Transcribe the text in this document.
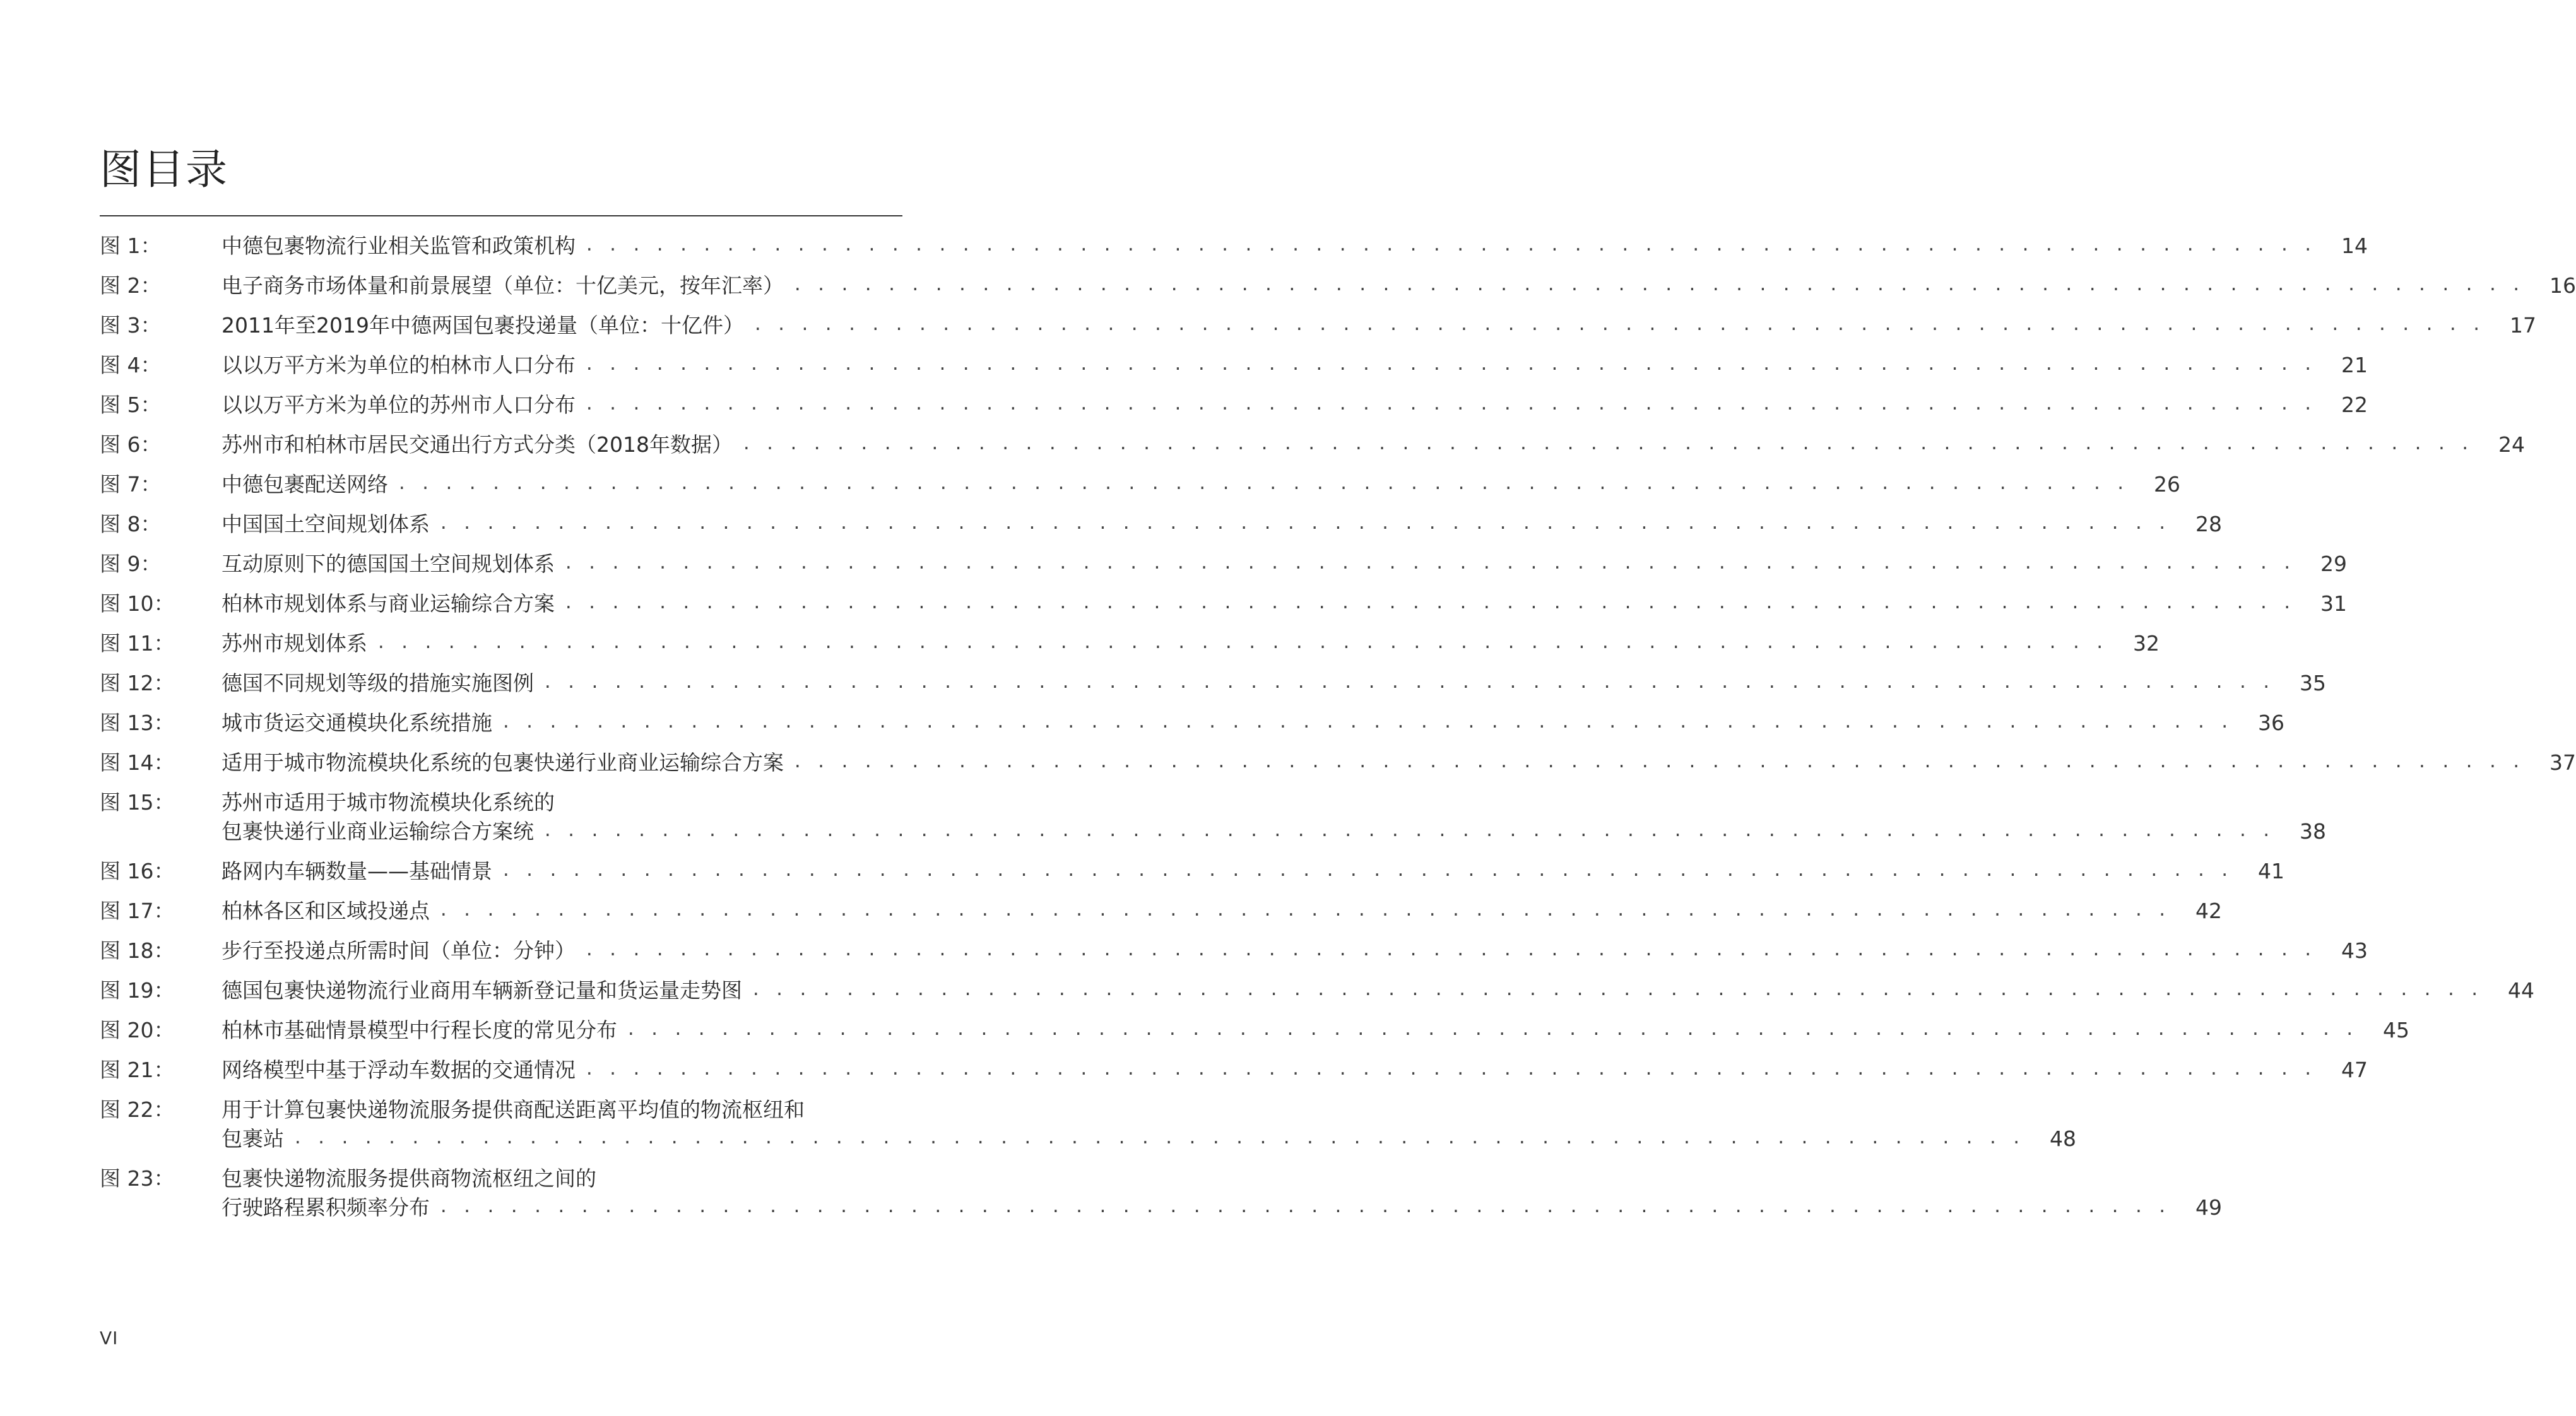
图目录
图 1：	中德包裹物流行业相关监管和政策机构 . . . . . . . . . . . . . . . . . . . . . . . . . . . . . . . . . . . . . . . . . . . . . . . . . . . . . . . . . . . . . . . . . . . . . . . . . . 14
图 2：	电子商务市场体量和前景展望（单位：十亿美元，按年汇率） . . . . . . . . . . . . . . . . . . . . . . . . . . . . . . . . . . . . . . . . . . . . . . . . . . . . . . . . . . . . . . . . . . . . . . . . . . 16
图 3：	2011年至2019年中德两国包裹投递量（单位：十亿件） . . . . . . . . . . . . . . . . . . . . . . . . . . . . . . . . . . . . . . . . . . . . . . . . . . . . . . . . . . . . . . . . . . . . . . . . . . 17
图 4：	以以万平方米为单位的柏林市人口分布 . . . . . . . . . . . . . . . . . . . . . . . . . . . . . . . . . . . . . . . . . . . . . . . . . . . . . . . . . . . . . . . . . . . . . . . . . . 21
图 5：	以以万平方米为单位的苏州市人口分布 . . . . . . . . . . . . . . . . . . . . . . . . . . . . . . . . . . . . . . . . . . . . . . . . . . . . . . . . . . . . . . . . . . . . . . . . . . 22
图 6：	苏州市和柏林市居民交通出行方式分类（2018年数据） . . . . . . . . . . . . . . . . . . . . . . . . . . . . . . . . . . . . . . . . . . . . . . . . . . . . . . . . . . . . . . . . . . . . . . . . . . 24
图 7：	中德包裹配送网络 . . . . . . . . . . . . . . . . . . . . . . . . . . . . . . . . . . . . . . . . . . . . . . . . . . . . . . . . . . . . . . . . . . . . . . . . . . 26
图 8：	中国国土空间规划体系 . . . . . . . . . . . . . . . . . . . . . . . . . . . . . . . . . . . . . . . . . . . . . . . . . . . . . . . . . . . . . . . . . . . . . . . . . . 28
图 9：	互动原则下的德国国土空间规划体系 . . . . . . . . . . . . . . . . . . . . . . . . . . . . . . . . . . . . . . . . . . . . . . . . . . . . . . . . . . . . . . . . . . . . . . . . . . 29
图 10： 柏林市规划体系与商业运输综合方案 . . . . . . . . . . . . . . . . . . . . . . . . . . . . . . . . . . . . . . . . . . . . . . . . . . . . . . . . . . . . . . . . . . . . . . . . . . 31
图 11： 苏州市规划体系 . . . . . . . . . . . . . . . . . . . . . . . . . . . . . . . . . . . . . . . . . . . . . . . . . . . . . . . . . . . . . . . . . . . . . . . . . . 32
图 12： 德国不同规划等级的措施实施图例 . . . . . . . . . . . . . . . . . . . . . . . . . . . . . . . . . . . . . . . . . . . . . . . . . . . . . . . . . . . . . . . . . . . . . . . . . . 35
图 13： 城市货运交通模块化系统措施 . . . . . . . . . . . . . . . . . . . . . . . . . . . . . . . . . . . . . . . . . . . . . . . . . . . . . . . . . . . . . . . . . . . . . . . . . . 36
图 14： 适用于城市物流模块化系统的包裹快递行业商业运输综合方案 . . . . . . . . . . . . . . . . . . . . . . . . . . . . . . . . . . . . . . . . . . . . . . . . . . . . . . . . . . . . . . . . . . . . . . . . . . 37
图 15： 苏州市适用于城市物流模块化系统的
包裹快递行业商业运输综合方案统 . . . . . . . . . . . . . . . . . . . . . . . . . . . . . . . . . . . . . . . . . . . . . . . . . . . . . . . . . . . . . . . . . . . . . . . . . . 38
图 16： 路网内车辆数量——基础情景 . . . . . . . . . . . . . . . . . . . . . . . . . . . . . . . . . . . . . . . . . . . . . . . . . . . . . . . . . . . . . . . . . . . . . . . . . . 41
图 17： 柏林各区和区域投递点 . . . . . . . . . . . . . . . . . . . . . . . . . . . . . . . . . . . . . . . . . . . . . . . . . . . . . . . . . . . . . . . . . . . . . . . . . . 42
图 18： 步行至投递点所需时间（单位：分钟） . . . . . . . . . . . . . . . . . . . . . . . . . . . . . . . . . . . . . . . . . . . . . . . . . . . . . . . . . . . . . . . . . . . . . . . . . . 43
图 19： 德国包裹快递物流行业商用车辆新登记量和货运量走势图 . . . . . . . . . . . . . . . . . . . . . . . . . . . . . . . . . . . . . . . . . . . . . . . . . . . . . . . . . . . . . . . . . . . . . . . . . . 44
图 20： 柏林市基础情景模型中行程长度的常见分布 . . . . . . . . . . . . . . . . . . . . . . . . . . . . . . . . . . . . . . . . . . . . . . . . . . . . . . . . . . . . . . . . . . . . . . . . . . 45
图 21： 网络模型中基于浮动车数据的交通情况 . . . . . . . . . . . . . . . . . . . . . . . . . . . . . . . . . . . . . . . . . . . . . . . . . . . . . . . . . . . . . . . . . . . . . . . . . . 47
图 22： 用于计算包裹快递物流服务提供商配送距离平均值的物流枢纽和
包裹站 . . . . . . . . . . . . . . . . . . . . . . . . . . . . . . . . . . . . . . . . . . . . . . . . . . . . . . . . . . . . . . . . . . . . . . . . . . 48
图 23： 包裹快递物流服务提供商物流枢纽之间的
行驶路程累积频率分布 . . . . . . . . . . . . . . . . . . . . . . . . . . . . . . . . . . . . . . . . . . . . . . . . . . . . . . . . . . . . . . . . . . . . . . . . . . 49
VI
